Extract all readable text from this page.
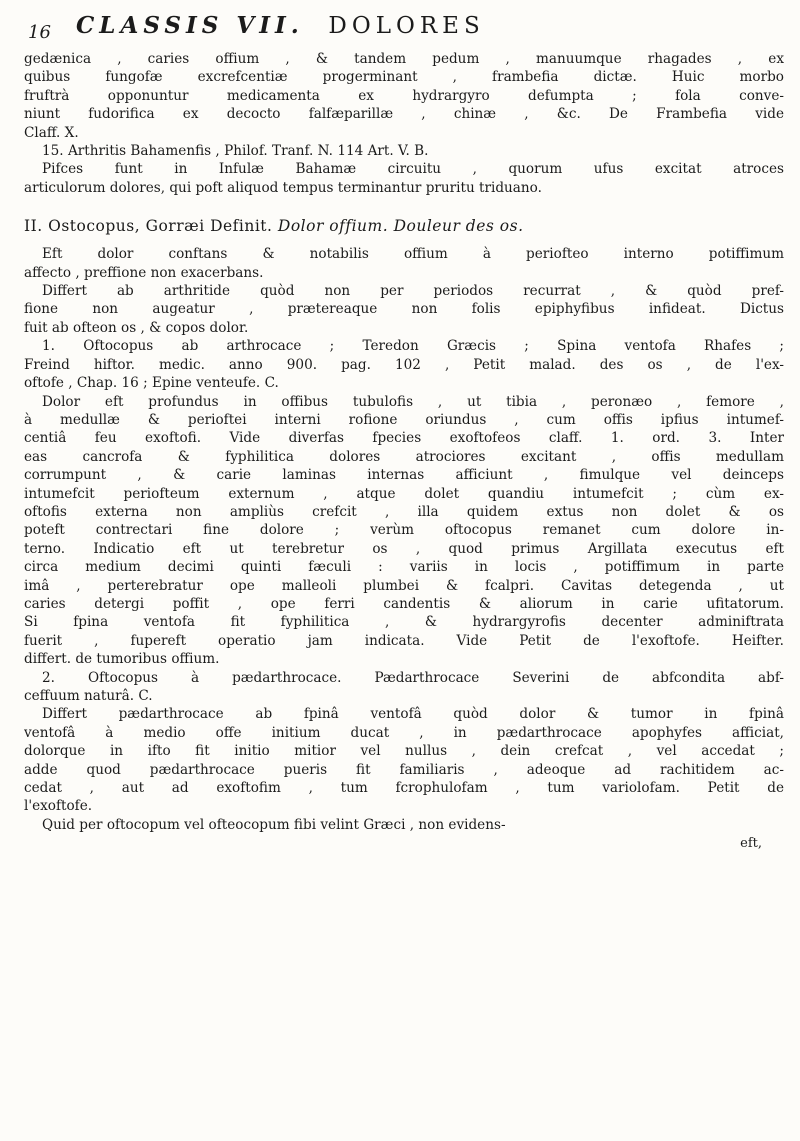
16 CLASSIS VII. DOLORES
gedænica , caries offium , & tandem pedum , manuumque rhagades , ex
quibus fungofæ excrefcentiæ progerminant , frambefia dictæ. Huic morbo
fruftrà opponuntur medicamenta ex hydrargyro defumpta ; fola conve-
niunt fudorifica ex decocto falfæparillæ , chinæ , &c. De Frambefia vide
Claff. X.
15. Arthritis Bahamenfis , Philof. Tranf. N. 114 Art. V. B.
Pifces funt in Infulæ Bahamæ circuitu , quorum ufus excitat atroces
articulorum dolores, qui poft aliquod tempus terminantur pruritu triduano.
II. Ostocopus, Gorræi Definit. Dolor offium. Douleur des os.
Eft dolor conftans & notabilis offium à periofteo interno potiffimum
affecto , preffione non exacerbans.
Differt ab arthritide quòd non per periodos recurrat , & quòd pref-
fione non augeatur , prætereaque non folis epiphyfibus infideat. Dictus
fuit ab ofteon os , & copos dolor.
1. Oftocopus ab arthrocace ; Teredon Græcis ; Spina ventofa Rhafes ;
Freind hiftor. medic. anno 900. pag. 102 , Petit malad. des os , de l'ex-
oftofe , Chap. 16 ; Epine venteufe. C.
Dolor eft profundus in offibus tubulofis , ut tibia , peronæo , femore ,
à medullæ & perioftei interni rofione oriundus , cum offis ipfius intumef-
centiâ feu exoftofi. Vide diverfas fpecies exoftofeos claff. 1. ord. 3. Inter
eas cancrofa & fyphilitica dolores atrociores excitant , offis medullam
corrumpunt , & carie laminas internas afficiunt , fimulque vel deinceps
intumefcit periofteum externum , atque dolet quandiu intumefcit ; cùm ex-
oftofis externa non ampliùs crefcit , illa quidem extus non dolet & os
poteft contrectari fine dolore ; verùm oftocopus remanet cum dolore in-
terno. Indicatio eft ut terebretur os , quod primus Argillata executus eft
circa medium decimi quinti fæculi : variis in locis , potiffimum in parte
imâ , perterebratur ope malleoli plumbei & fcalpri. Cavitas detegenda , ut
caries detergi poffit , ope ferri candentis & aliorum in carie ufitatorum.
Si fpina ventofa fit fyphilitica , & hydrargyrofis decenter adminiftrata
fuerit , fupereft operatio jam indicata. Vide Petit de l'exoftofe. Heifter.
differt. de tumoribus offium.
2. Oftocopus à pædarthrocace. Pædarthrocace Severini de abfcondita abf-
ceffuum naturâ. C.
Differt pædarthrocace ab fpinâ ventofâ quòd dolor & tumor in fpinâ
ventofâ à medio offe initium ducat , in pædarthrocace apophyfes afficiat,
dolorque in ifto fit initio mitior vel nullus , dein crefcat , vel accedat ;
adde quod pædarthrocace pueris fit familiaris , adeoque ad rachitidem ac-
cedat , aut ad exoftofim , tum fcrophulofam , tum variolofam. Petit de
l'exoftofe.
Quid per oftocopum vel ofteocopum fibi velint Græci , non evidens-
eft,
